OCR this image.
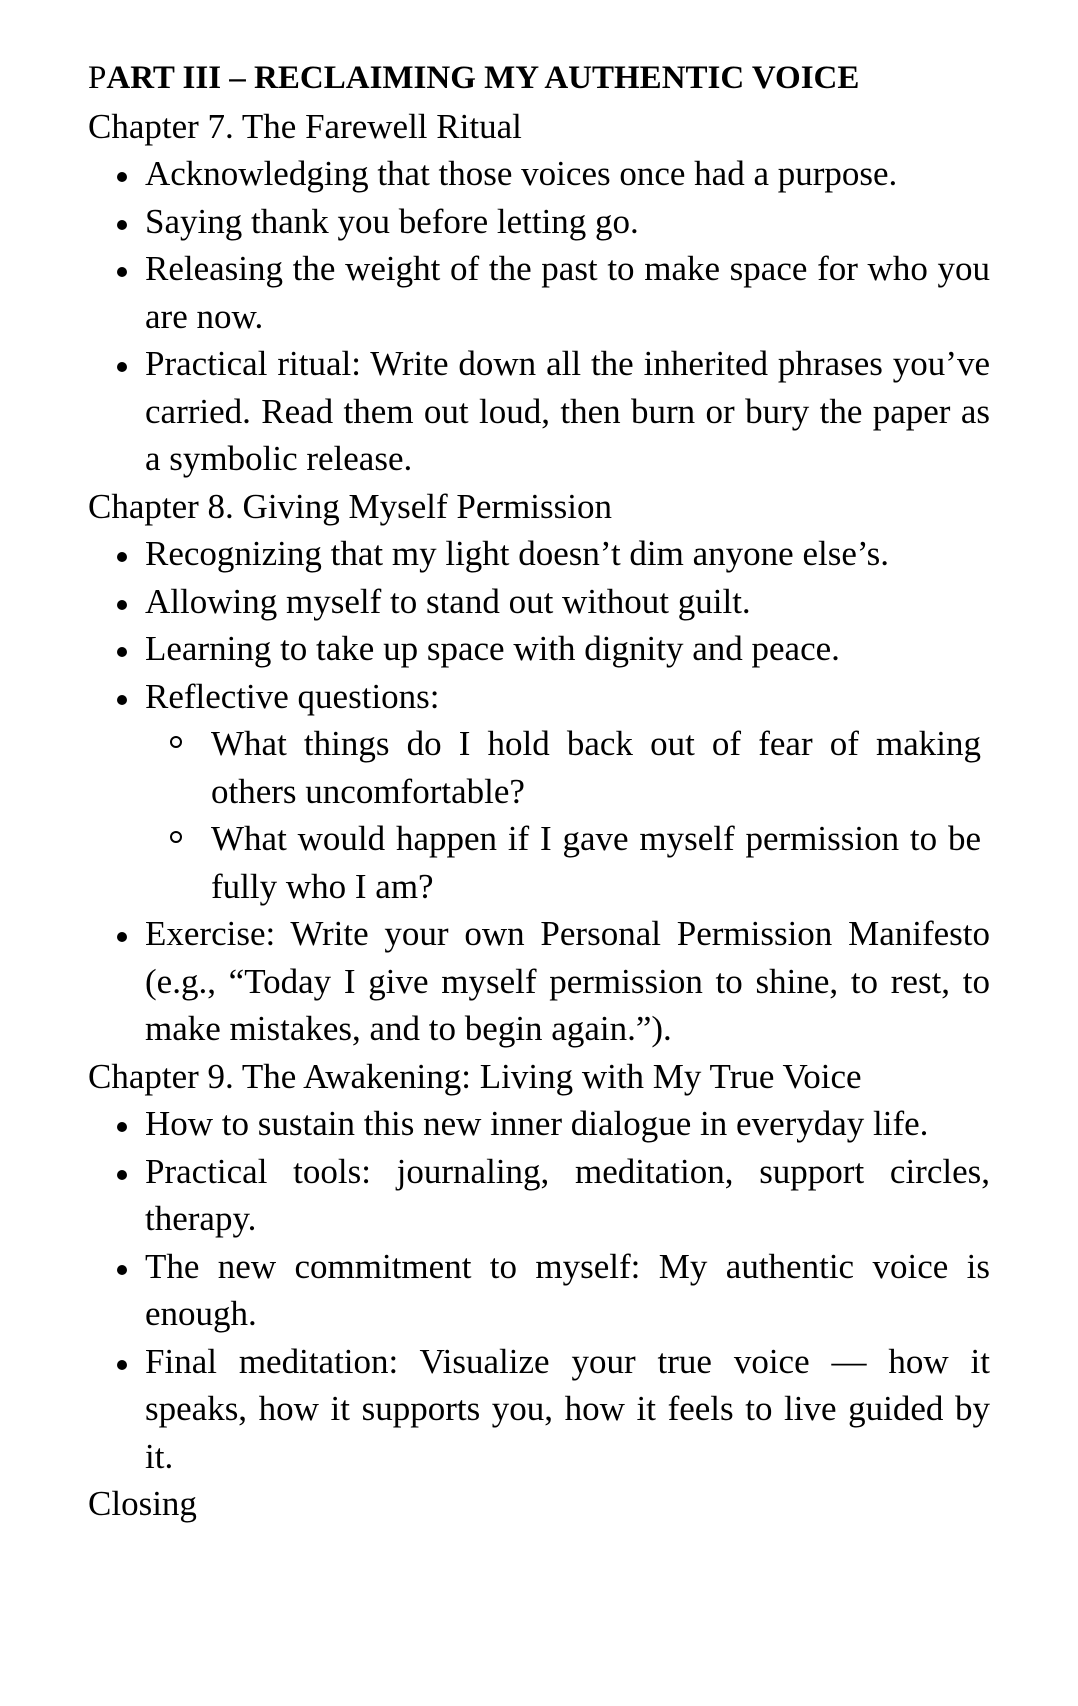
PART III – RECLAIMING MY AUTHENTIC VOICE
Chapter 7. The Farewell Ritual
Acknowledging that those voices once had a purpose.
Saying thank you before letting go.
Releasing the weight of the past to make space for who you are now.
Practical ritual: Write down all the inherited phrases you’ve carried. Read them out loud, then burn or bury the paper as a symbolic release.
Chapter 8. Giving Myself Permission
Recognizing that my light doesn’t dim anyone else’s.
Allowing myself to stand out without guilt.
Learning to take up space with dignity and peace.
Reflective questions:
What things do I hold back out of fear of making others uncomfortable?
What would happen if I gave myself permission to be fully who I am?
Exercise: Write your own Personal Permission Manifesto (e.g., “Today I give myself permission to shine, to rest, to make mistakes, and to begin again.”).
Chapter 9. The Awakening: Living with My True Voice
How to sustain this new inner dialogue in everyday life.
Practical tools: journaling, meditation, support circles, therapy.
The new commitment to myself: My authentic voice is enough.
Final meditation: Visualize your true voice — how it speaks, how it supports you, how it feels to live guided by it.
Closing
